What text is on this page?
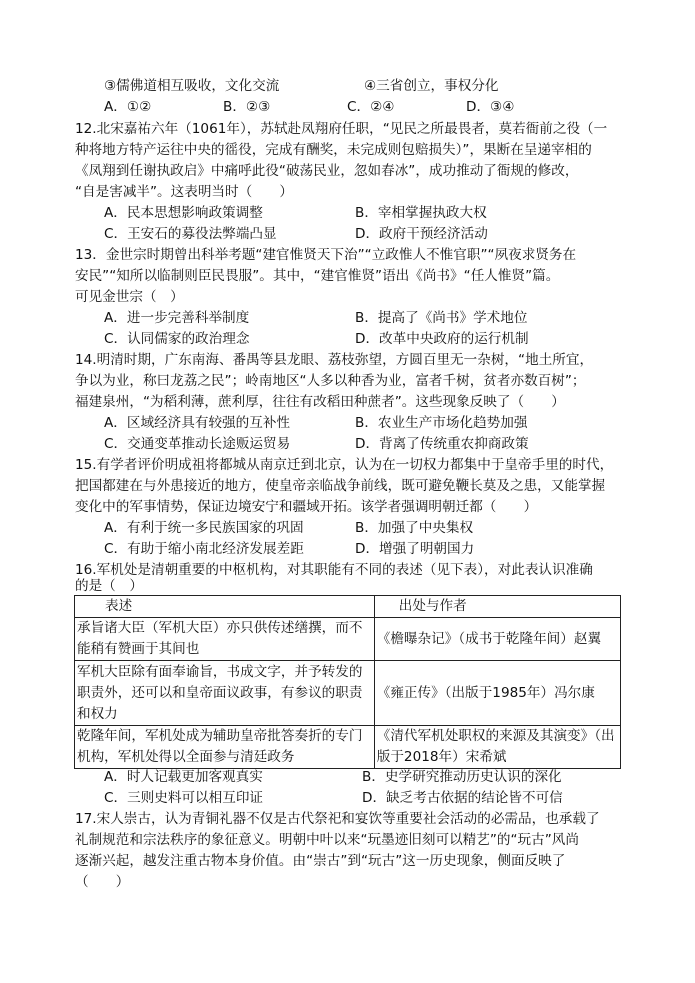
③儒佛道相互吸收，文化交流	④三省创立，事权分化
A．①②	B．②③	C．②④	D．③④
12.北宋嘉祐六年（1061年），苏轼赴凤翔府任职，“见民之所最畏者，莫若衙前之役（一
种将地方特产运往中央的徭役，完成有酬奖，未完成则包赔损失）”，果断在呈递宰相的
《凤翔到任谢执政启》中痛呼此役“破荡民业，忽如春冰”，成功推动了衙规的修改，
“自是害减半”。这表明当时（　　）
A．民本思想影响政策调整	B．宰相掌握执政大权
C．王安石的募役法弊端凸显	D．政府干预经济活动
13．金世宗时期曾出科举考题“建官惟贤天下治”“立政惟人不惟官职”“夙夜求贤务在
安民”“知所以临制则臣民畏服”。其中，“建官惟贤”语出《尚书》“任人惟贤”篇。
可见金世宗（　）
A．进一步完善科举制度	B．提高了《尚书》学术地位
C．认同儒家的政治理念	D．改革中央政府的运行机制
14.明清时期，广东南海、番禺等县龙眼、荔枝弥望，方圆百里无一杂树，“地土所宜，
争以为业，称曰龙荔之民”；岭南地区“人多以种香为业，富者千树，贫者亦数百树”；
福建泉州，“为稻利薄，蔗利厚，往往有改稻田种蔗者”。这些现象反映了（　　）
A．区域经济具有较强的互补性	B．农业生产市场化趋势加强
C．交通变革推动长途贩运贸易	D．背离了传统重农抑商政策
15.有学者评价明成祖将都城从南京迁到北京，认为在一切权力都集中于皇帝手里的时代，
把国都建在与外患接近的地方，使皇帝亲临战争前线，既可避免鞭长莫及之患，又能掌握
变化中的军事情势，保证边境安宁和疆域开拓。该学者强调明朝迁都（　　）
A．有利于统一多民族国家的巩固	B．加强了中央集权
C．有助于缩小南北经济发展差距	D．增强了明朝国力
16.军机处是清朝重要的中枢机构，对其职能有不同的表述（见下表），对此表认识准确
的是（　）
表述	出处与作者
承旨诸大臣（军机大臣）亦只供传述缮撰，而不能稍有赞画于其间也	《檐曝杂记》（成书于乾隆年间）赵翼
军机大臣除有面奉谕旨，书成文字，并予转发的职责外，还可以和皇帝面议政事，有参议的职责和权力	《雍正传》（出版于1985年）冯尔康
乾隆年间，军机处成为辅助皇帝批答奏折的专门机构，军机处得以全面参与清廷政务	《清代军机处职权的来源及其演变》（出版于2018年）宋希斌
A．时人记载更加客观真实	B．史学研究推动历史认识的深化
C．三则史料可以相互印证	D．缺乏考古依据的结论皆不可信
17.宋人崇古，认为青铜礼器不仅是古代祭祀和宴饮等重要社会活动的必需品，也承载了
礼制规范和宗法秩序的象征意义。明朝中叶以来“玩墨迹旧刻可以精艺”的“玩古”风尚
逐渐兴起，越发注重古物本身价值。由“崇古”到“玩古”这一历史现象，侧面反映了
（　　）
